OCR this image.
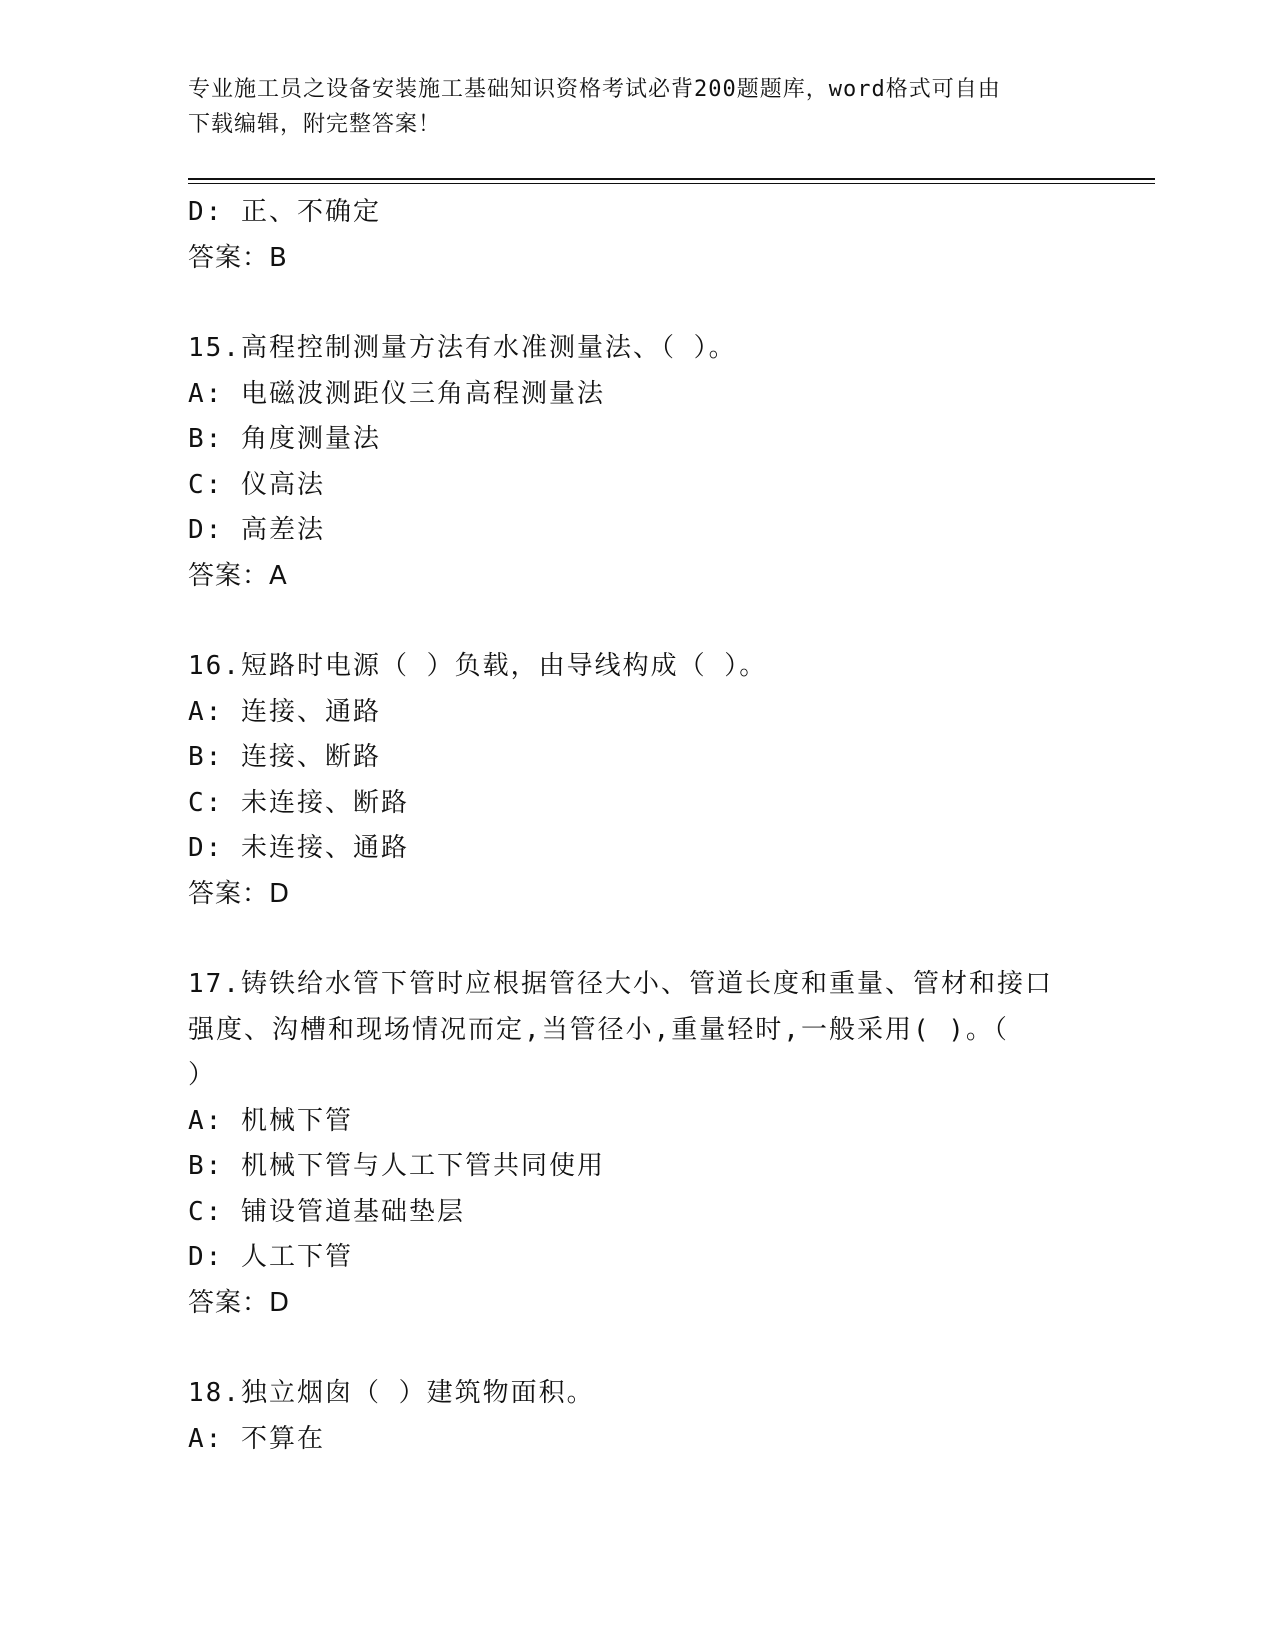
专业施工员之设备安装施工基础知识资格考试必背200题题库，word格式可自由
下载编辑，附完整答案！
D: 正、不确定
答案：B
15.高程控制测量方法有水准测量法、（ ）。
A: 电磁波测距仪三角高程测量法
B: 角度测量法
C: 仪高法
D: 高差法
答案：A
16.短路时电源（ ）负载，由导线构成（ ）。
A: 连接、通路
B: 连接、断路
C: 未连接、断路
D: 未连接、通路
答案：D
17.铸铁给水管下管时应根据管径大小、管道长度和重量、管材和接口
强度、沟槽和现场情况而定,当管径小,重量轻时,一般采用( )。（
）
A: 机械下管
B: 机械下管与人工下管共同使用
C: 铺设管道基础垫层
D: 人工下管
答案：D
18.独立烟囱（ ）建筑物面积。
A: 不算在
